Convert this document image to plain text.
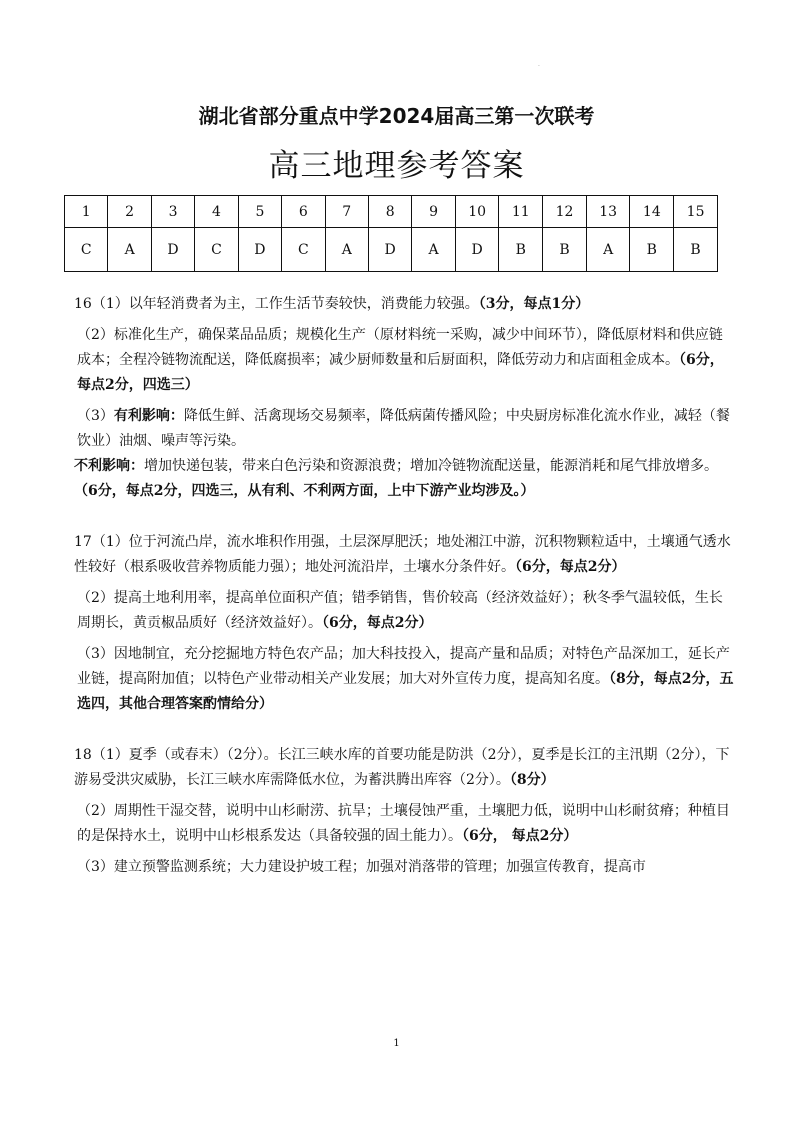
·
湖北省部分重点中学2024届高三第一次联考
高三地理参考答案
1	2	3	4	5	6	7	8	9	10	11	12	13	14	15
C	A	D	C	D	C	A	D	A	D	B	B	A	B	B

16（1）以年轻消费者为主，工作生活节奏较快，消费能力较强。（3分，每点1分）

（2）标准化生产，确保菜品品质；规模化生产（原材料统一采购，减少中间环节），降低原材料和供应链成本；全程冷链物流配送，降低腐损率；减少厨师数量和后厨面积，降低劳动力和店面租金成本。（6分，每点2分，四选三）

（3）有利影响：降低生鲜、活禽现场交易频率，降低病菌传播风险；中央厨房标准化流水作业，减轻（餐饮业）油烟、噪声等污染。

不利影响：增加快递包装，带来白色污染和资源浪费；增加冷链物流配送量，能源消耗和尾气排放增多。

（6分，每点2分，四选三，从有利、不利两方面，上中下游产业均涉及。）

17（1）位于河流凸岸，流水堆积作用强，土层深厚肥沃；地处湘江中游，沉积物颗粒适中，土壤通气透水性较好（根系吸收营养物质能力强）；地处河流沿岸，土壤水分条件好。（6分，每点2分）

（2）提高土地利用率，提高单位面积产值；错季销售，售价较高（经济效益好）；秋冬季气温较低，生长周期长，黄贡椒品质好（经济效益好）。（6分，每点2分）

（3）因地制宜，充分挖掘地方特色农产品；加大科技投入，提高产量和品质；对特色产品深加工，延长产业链，提高附加值；以特色产业带动相关产业发展；加大对外宣传力度，提高知名度。（8分，每点2分，五选四，其他合理答案酌情给分）

18（1）夏季（或春末）（2分）。长江三峡水库的首要功能是防洪（2分），夏季是长江的主汛期（2分），下游易受洪灾威胁，长江三峡水库需降低水位，为蓄洪腾出库容（2分）。（8分）

（2）周期性干湿交替，说明中山杉耐涝、抗旱；土壤侵蚀严重，土壤肥力低，说明中山杉耐贫瘠；种植目的是保持水土，说明中山杉根系发达（具备较强的固土能力）。（6分， 每点2分）

（3）建立预警监测系统；大力建设护坡工程；加强对消落带的管理；加强宣传教育，提高市

1
